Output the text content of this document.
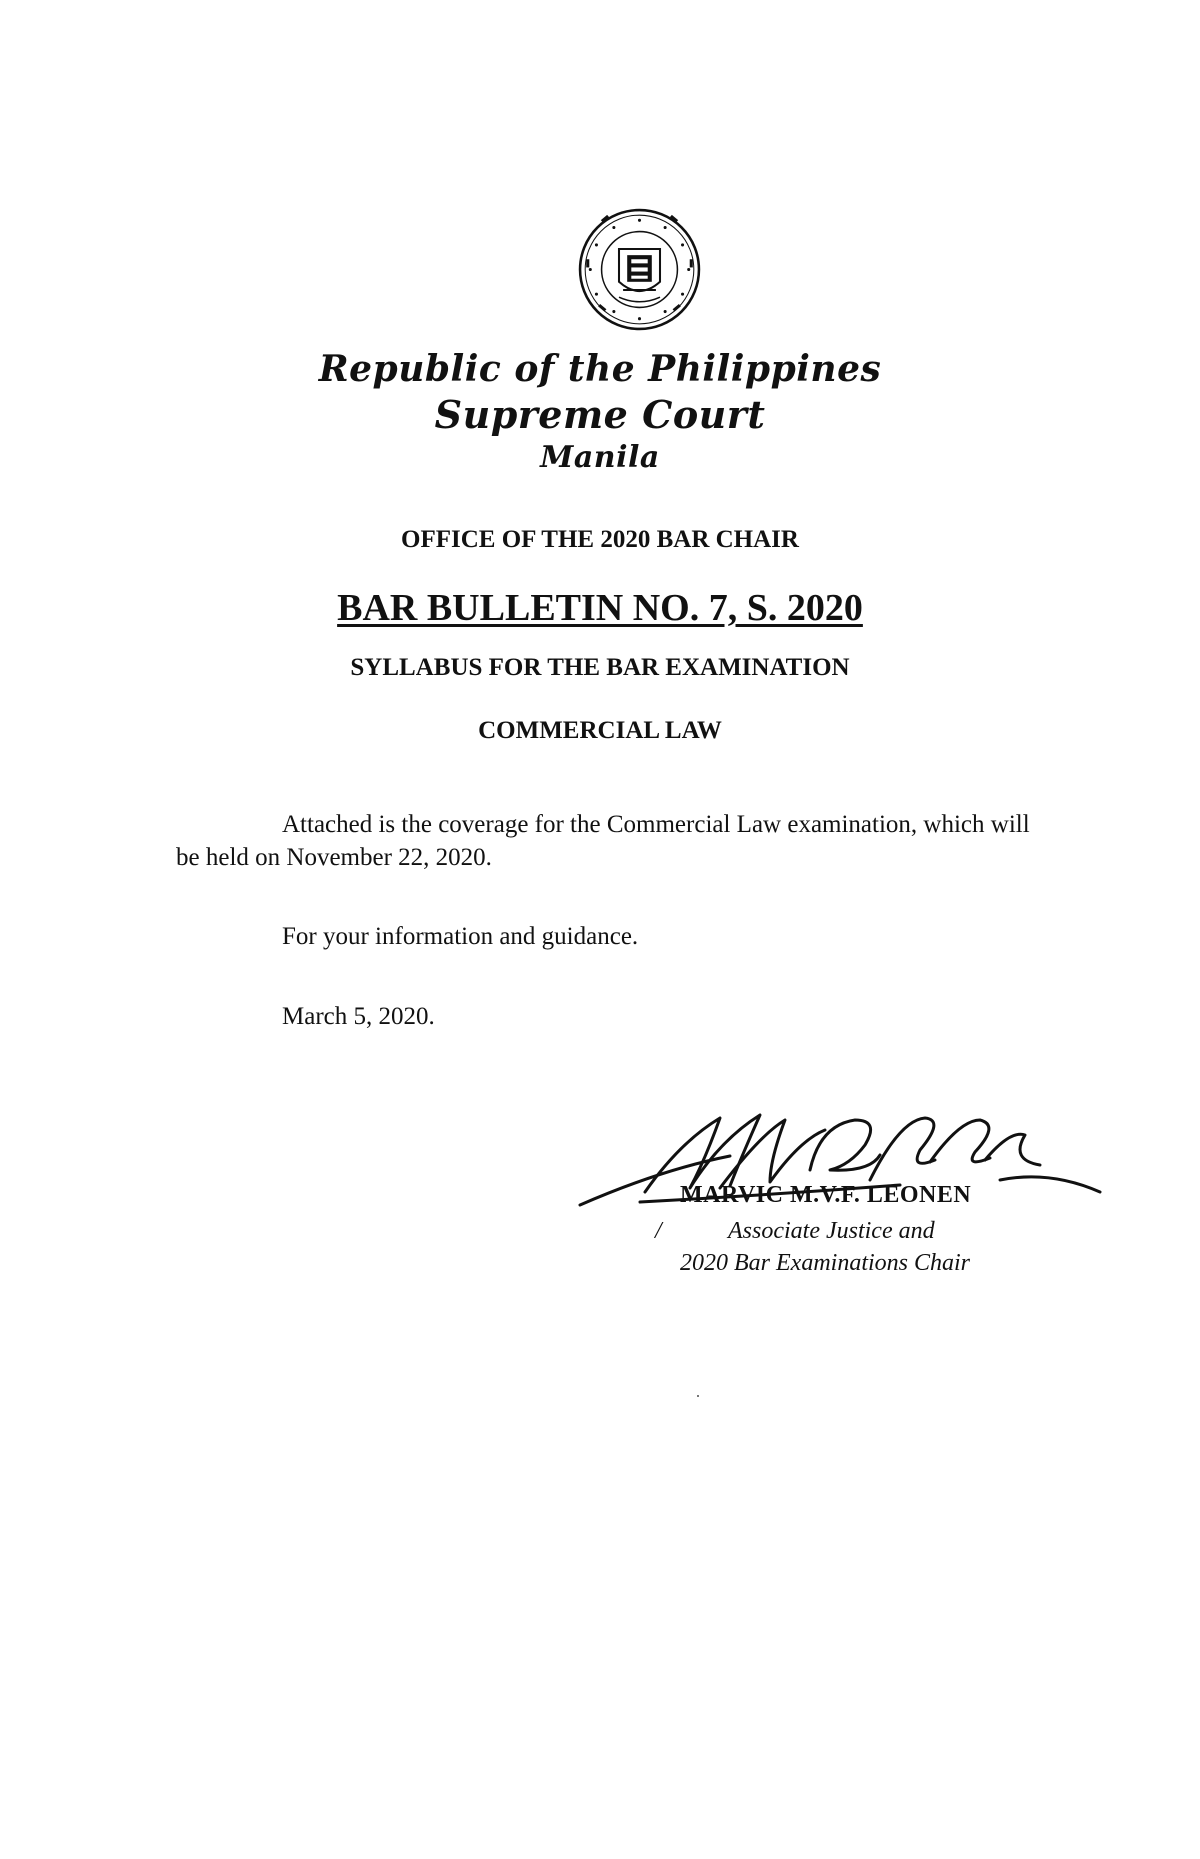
Republic of the Philippines
Supreme Court
Manila
OFFICE OF THE 2020 BAR CHAIR
BAR BULLETIN NO. 7, S. 2020
SYLLABUS FOR THE BAR EXAMINATION
COMMERCIAL LAW
Attached is the coverage for the Commercial Law examination, which will be held on November 22, 2020.
For your information and guidance.
March 5, 2020.
MARVIC M.V.F. LEONEN
/	Associate Justice and
2020 Bar Examinations Chair
